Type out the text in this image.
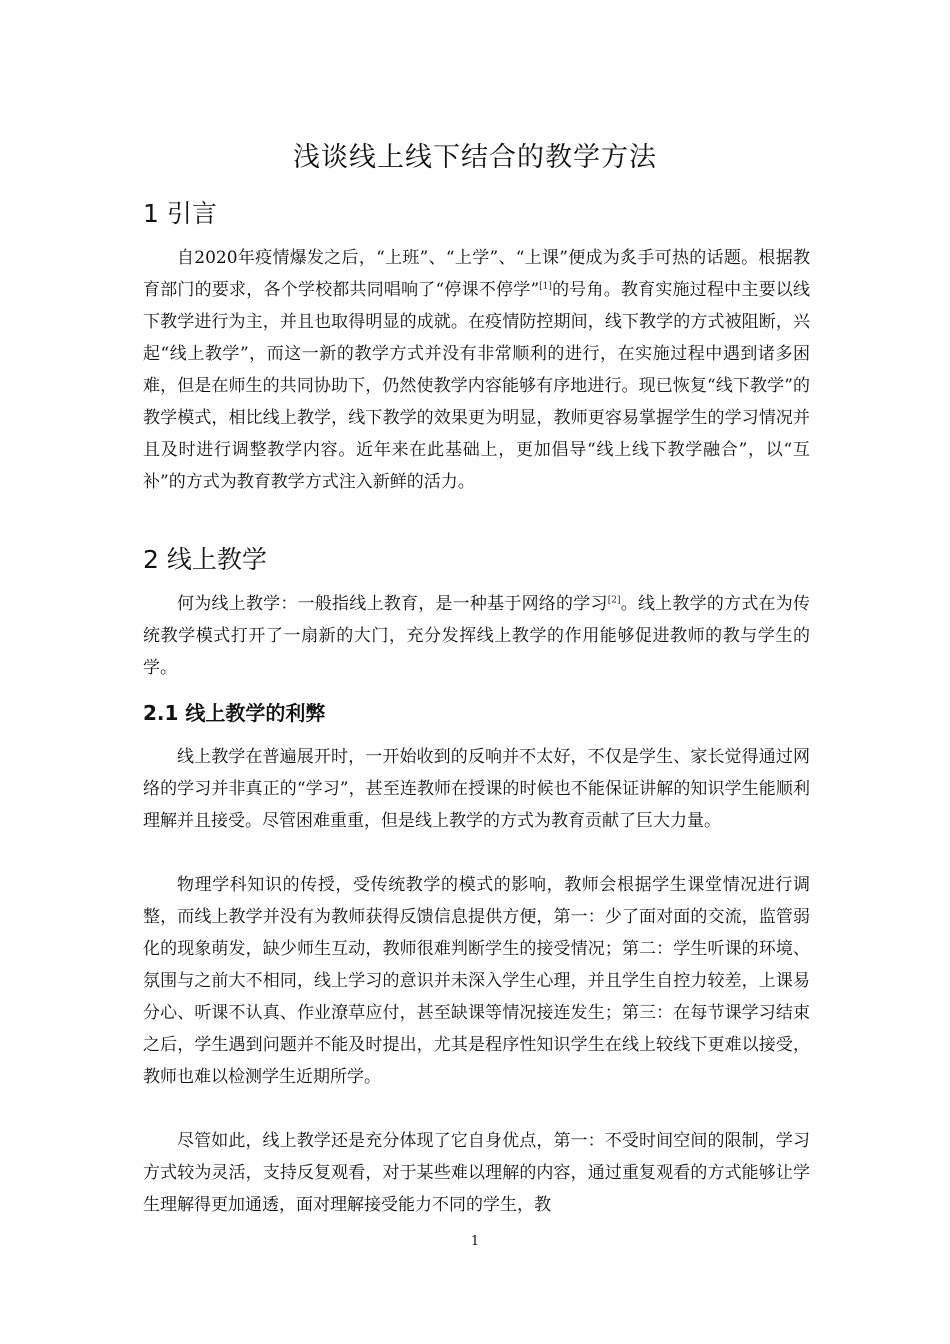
浅谈线上线下结合的教学方法
1 引言

自2020年疫情爆发之后，“上班”、“上学”、“上课”便成为炙手可热的话题。根据教育部门的要求，各个学校都共同唱响了“停课不停学”[1]的号角。教育实施过程中主要以线下教学进行为主，并且也取得明显的成就。在疫情防控期间，线下教学的方式被阻断，兴起“线上教学”，而这一新的教学方式并没有非常顺利的进行，在实施过程中遇到诸多困难，但是在师生的共同协助下，仍然使教学内容能够有序地进行。现已恢复“线下教学”的教学模式，相比线上教学，线下教学的效果更为明显，教师更容易掌握学生的学习情况并且及时进行调整教学内容。近年来在此基础上，更加倡导“线上线下教学融合”，以“互补”的方式为教育教学方式注入新鲜的活力。

2 线上教学

何为线上教学：一般指线上教育，是一种基于网络的学习[2]。线上教学的方式在为传统教学模式打开了一扇新的大门，充分发挥线上教学的作用能够促进教师的教与学生的学。

2.1 线上教学的利弊

线上教学在普遍展开时，一开始收到的反响并不太好，不仅是学生、家长觉得通过网络的学习并非真正的“学习”，甚至连教师在授课的时候也不能保证讲解的知识学生能顺利理解并且接受。尽管困难重重，但是线上教学的方式为教育贡献了巨大力量。

物理学科知识的传授，受传统教学的模式的影响，教师会根据学生课堂情况进行调整，而线上教学并没有为教师获得反馈信息提供方便，第一：少了面对面的交流，监管弱化的现象萌发，缺少师生互动，教师很难判断学生的接受情况；第二：学生听课的环境、氛围与之前大不相同，线上学习的意识并未深入学生心理，并且学生自控力较差，上课易分心、听课不认真、作业潦草应付，甚至缺课等情况接连发生；第三：在每节课学习结束之后，学生遇到问题并不能及时提出，尤其是程序性知识学生在线上较线下更难以接受，教师也难以检测学生近期所学。

尽管如此，线上教学还是充分体现了它自身优点，第一：不受时间空间的限制，学习方式较为灵活，支持反复观看，对于某些难以理解的内容，通过重复观看的方式能够让学生理解得更加通透，面对理解接受能力不同的学生，教

1
